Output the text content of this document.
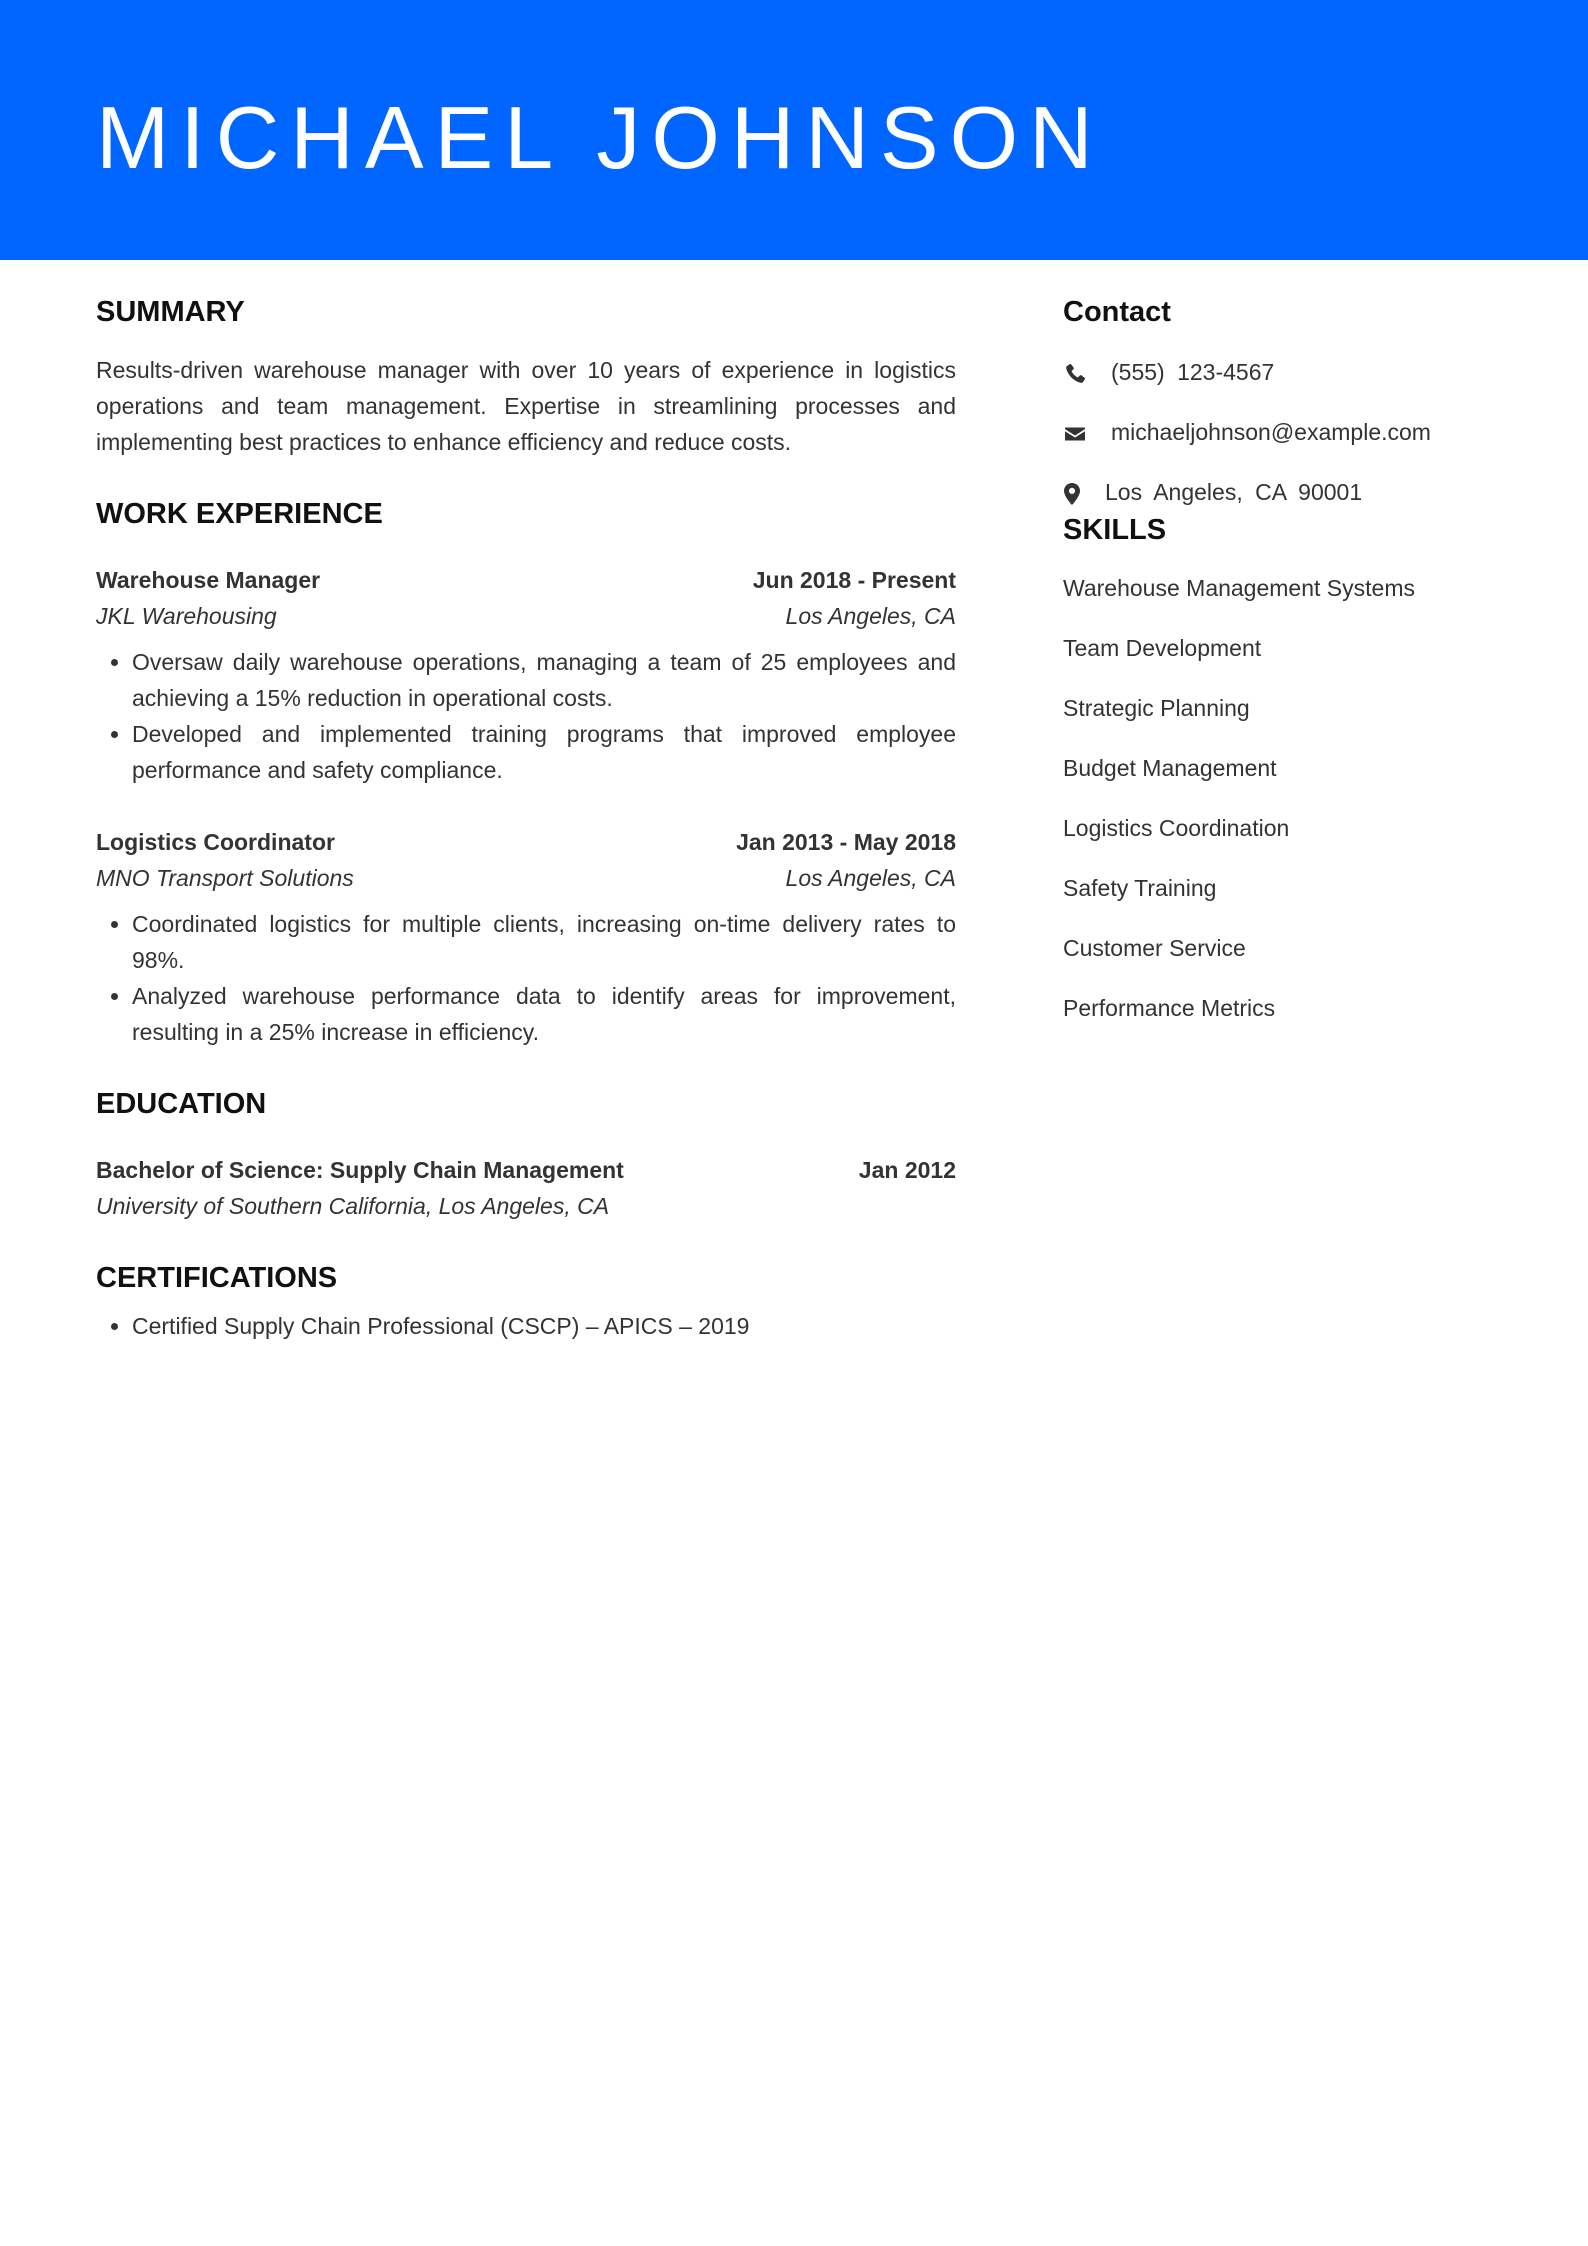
MICHAEL JOHNSON
SUMMARY

Results-driven warehouse manager with over 10 years of experience in logistics operations and team management. Expertise in streamlining processes and implementing best practices to enhance efficiency and reduce costs.

WORK EXPERIENCE
Warehouse Manager	Jun 2018 - Present
JKL Warehousing	Los Angeles, CA
• Oversaw daily warehouse operations, managing a team of 25 employees and achieving a 15% reduction in operational costs.
• Developed and implemented training programs that improved employee performance and safety compliance.
Logistics Coordinator	Jan 2013 - May 2018
MNO Transport Solutions	Los Angeles, CA
• Coordinated logistics for multiple clients, increasing on-time delivery rates to 98%.
• Analyzed warehouse performance data to identify areas for improvement, resulting in a 25% increase in efficiency.
EDUCATION
Bachelor of Science: Supply Chain Management	Jan 2012
University of Southern California, Los Angeles, CA
CERTIFICATIONS
• Certified Supply Chain Professional (CSCP) – APICS – 2019
Contact
(555) 123-4567
michaeljohnson@example.com
Los Angeles, CA 90001
SKILLS
Warehouse Management Systems
Team Development
Strategic Planning
Budget Management
Logistics Coordination
Safety Training
Customer Service
Performance Metrics
